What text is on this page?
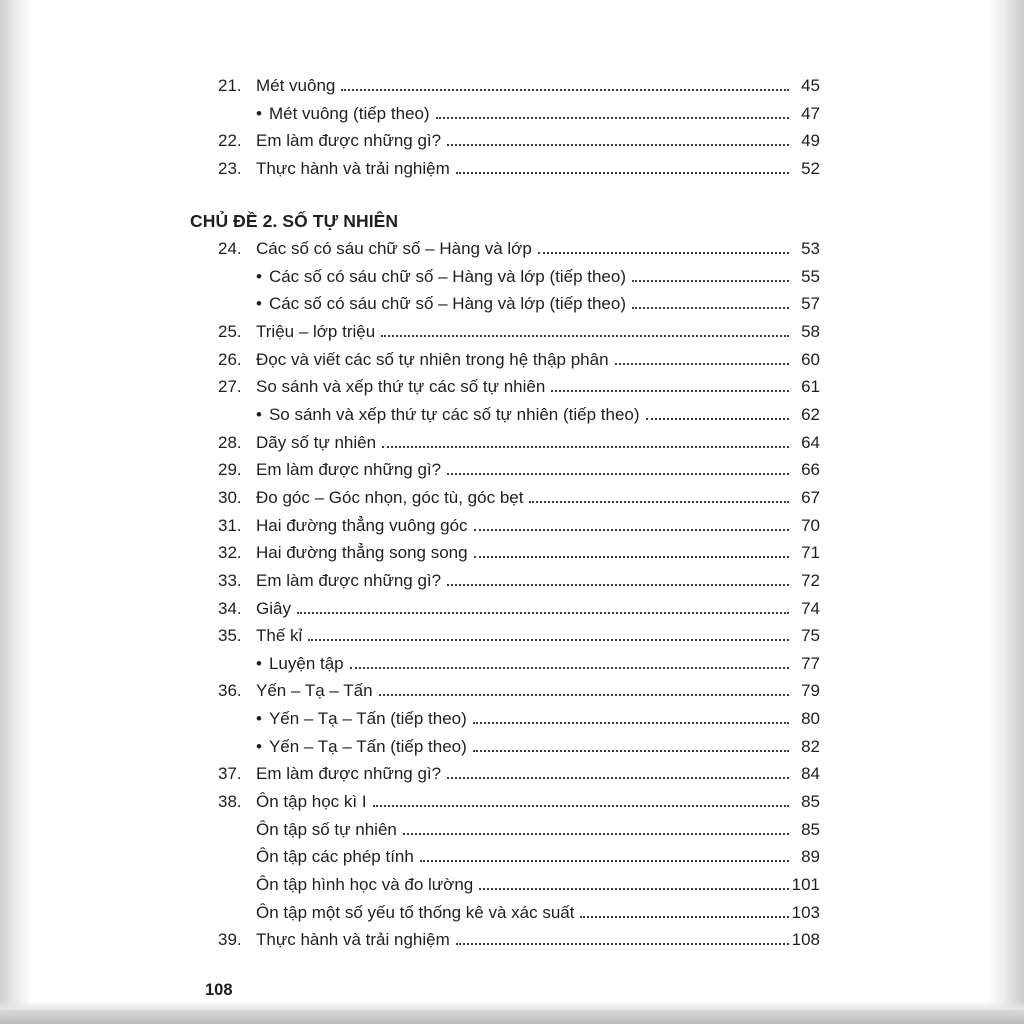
21. Mét vuông	45
• Mét vuông (tiếp theo)	47
22. Em làm được những gì?	49
23. Thực hành và trải nghiệm	52
CHỦ ĐỀ 2. SỐ TỰ NHIÊN
24. Các số có sáu chữ số – Hàng và lớp	53
• Các số có sáu chữ số – Hàng và lớp (tiếp theo)	55
• Các số có sáu chữ số – Hàng và lớp (tiếp theo)	57
25. Triệu – lớp triệu	58
26. Đọc và viết các số tự nhiên trong hệ thập phân	60
27. So sánh và xếp thứ tự các số tự nhiên	61
• So sánh và xếp thứ tự các số tự nhiên (tiếp theo)	62
28. Dãy số tự nhiên	64
29. Em làm được những gì?	66
30. Đo góc – Góc nhọn, góc tù, góc bẹt	67
31. Hai đường thẳng vuông góc	70
32. Hai đường thẳng song song	71
33. Em làm được những gì?	72
34. Giây	74
35. Thế kỉ	75
• Luyện tập	77
36. Yến – Tạ – Tấn	79
• Yến – Tạ – Tấn (tiếp theo)	80
• Yến – Tạ – Tấn (tiếp theo)	82
37. Em làm được những gì?	84
38. Ôn tập học kì I	85
Ôn tập số tự nhiên	85
Ôn tập các phép tính	89
Ôn tập hình học và đo lường	101
Ôn tập một số yếu tố thống kê và xác suất	103
39. Thực hành và trải nghiệm	108
108
